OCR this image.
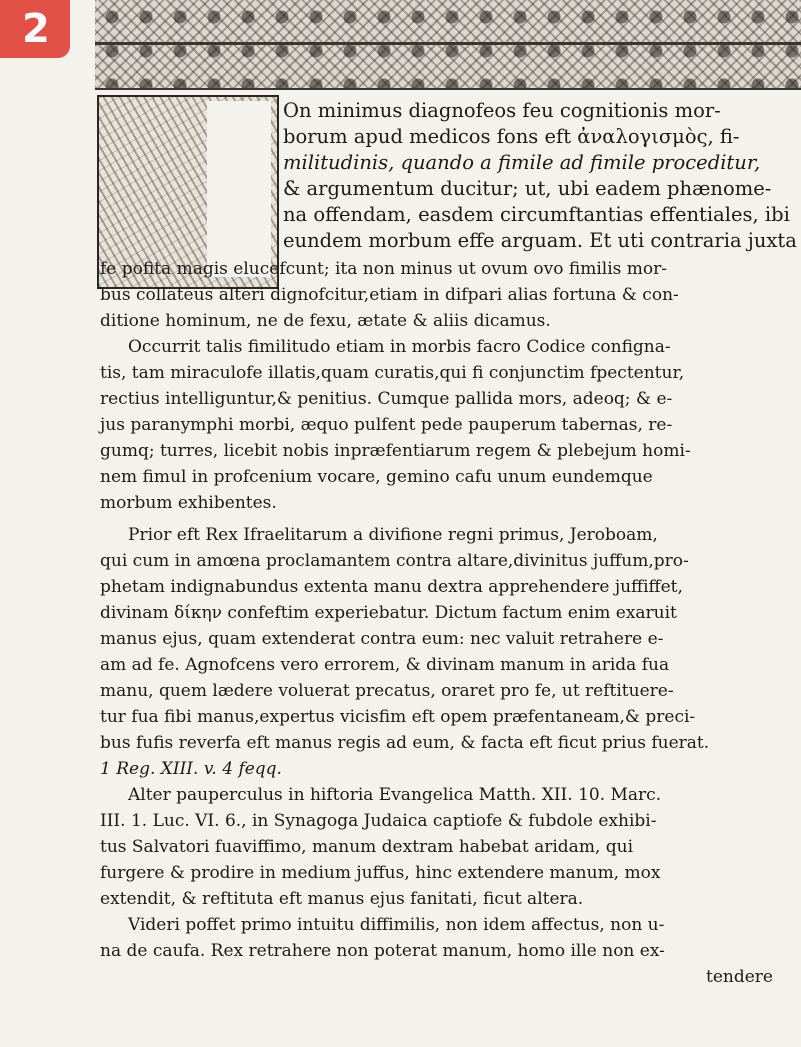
2
On minimus diagnofeos feu cognitionis mor-
borum apud medicos fons eft ἀναλογισμὸς, fi-
militudinis, quando a fimile ad fimile proceditur,
& argumentum ducitur; ut, ubi eadem phænome-
na offendam, easdem circumftantias effentiales, ibi
eundem morbum effe arguam. Et uti contraria juxta
fe pofita magis elucefcunt; ita non minus ut ovum ovo fimilis mor-
bus collateus alteri dignofcitur,etiam in difpari alias fortuna & con-
ditione hominum, ne de fexu, ætate & aliis dicamus.
Occurrit talis fimilitudo etiam in morbis facro Codice configna-
tis, tam miraculofe illatis,quam curatis,qui fi conjunctim fpectentur,
rectius intelliguntur,& penitius. Cumque pallida mors, adeoq; & e-
jus paranymphi morbi, æquo pulfent pede pauperum tabernas, re-
gumq; turres, licebit nobis inpræfentiarum regem & plebejum homi-
nem fimul in profcenium vocare, gemino cafu unum eundemque
morbum exhibentes.
Prior eft Rex Ifraelitarum a divifione regni primus, Jeroboam,
qui cum in amœna proclamantem contra altare,divinitus juffum,pro-
phetam indignabundus extenta manu dextra apprehendere juffiffet,
divinam δίκην confeftim experiebatur. Dictum factum enim exaruit
manus ejus, quam extenderat contra eum: nec valuit retrahere e-
am ad fe. Agnofcens vero errorem, & divinam manum in arida fua
manu, quem lædere voluerat precatus, oraret pro fe, ut reftituere-
tur fua fibi manus,expertus vicisfim eft opem præfentaneam,& preci-
bus fufis reverfa eft manus regis ad eum, & facta eft ficut prius fuerat.
1 Reg. XIII. v. 4 feqq.
Alter pauperculus in hiftoria Evangelica Matth. XII. 10. Marc.
III. 1. Luc. VI. 6., in Synagoga Judaica captiofe & fubdole exhibi-
tus Salvatori fuaviffimo, manum dextram habebat aridam, qui
furgere & prodire in medium juffus, hinc extendere manum, mox
extendit, & reftituta eft manus ejus fanitati, ficut altera.
Videri poffet primo intuitu diffimilis, non idem affectus, non u-
na de caufa. Rex retrahere non poterat manum, homo ille non ex-
tendere
